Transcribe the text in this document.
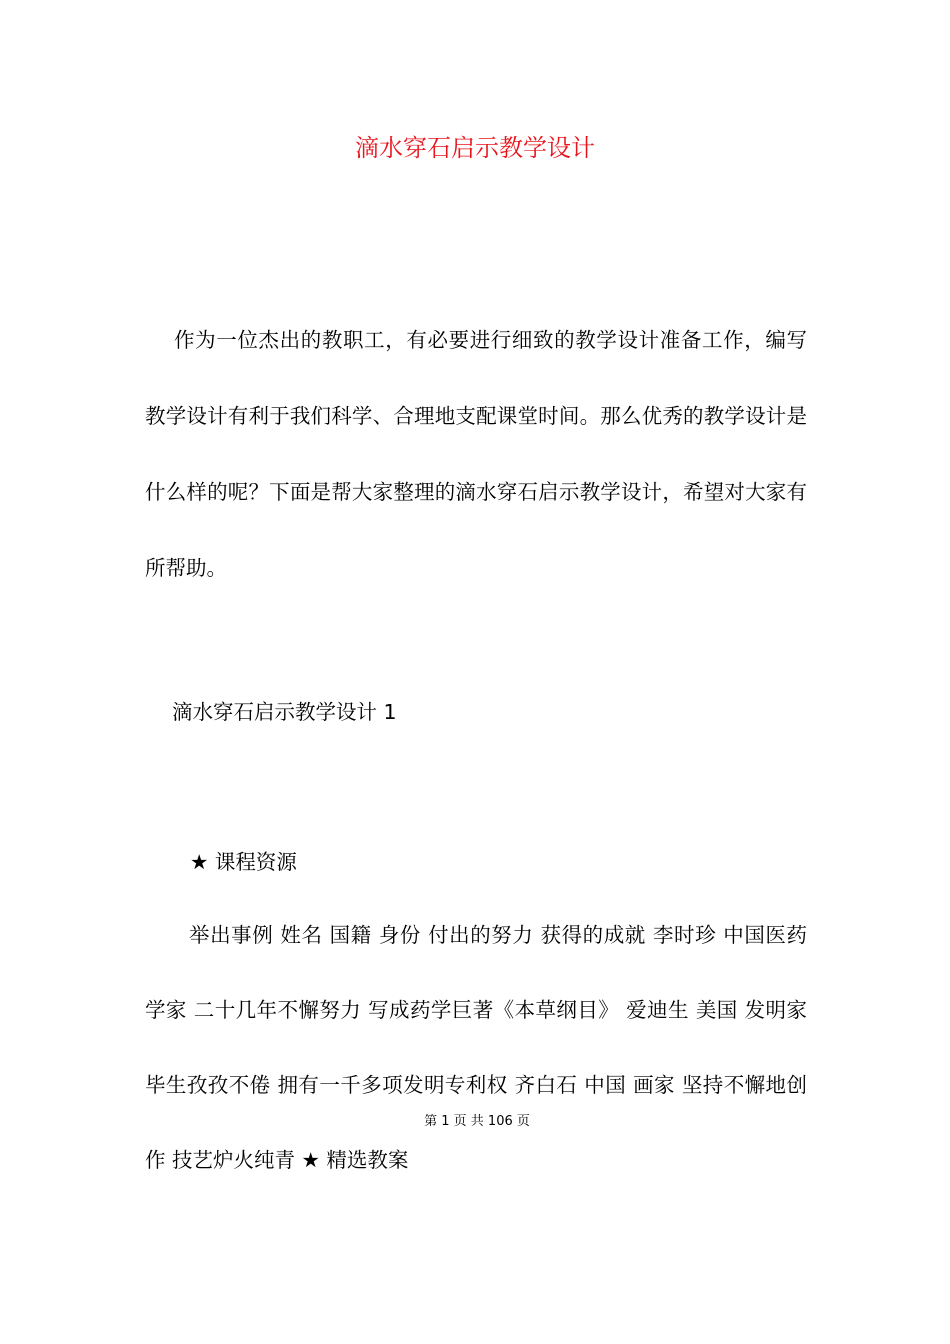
滴水穿石启示教学设计

作为一位杰出的教职工，有必要进行细致的教学设计准备工作，编写教学设计有利于我们科学、合理地支配课堂时间。那么优秀的教学设计是什么样的呢？下面是帮大家整理的滴水穿石启示教学设计，希望对大家有所帮助。

滴水穿石启示教学设计 1

★ 课程资源

举出事例 姓名 国籍 身份 付出的努力 获得的成就 李时珍 中国医药学家 二十几年不懈努力 写成药学巨著《本草纲目》 爱迪生 美国 发明家 毕生孜孜不倦 拥有一千多项发明专利权 齐白石 中国 画家 坚持不懈地创作 技艺炉火纯青 ★ 精选教案

第 1 页 共 106 页
